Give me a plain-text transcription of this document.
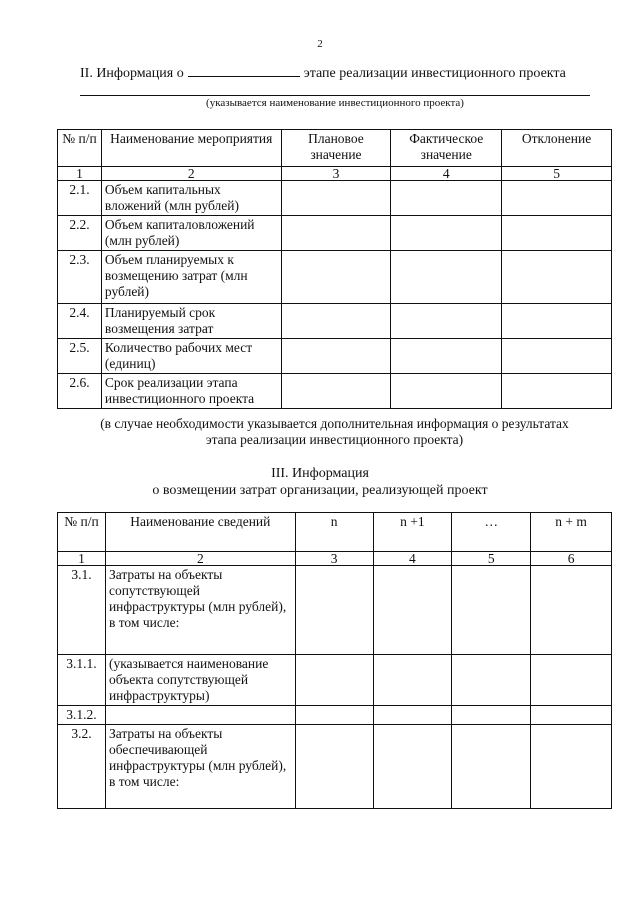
2
II. Информация о	этапе реализации инвестиционного проекта
(указывается наименование инвестиционного проекта)
№ п/п	Наименование мероприятия	Плановое значение	Фактическое значение	Отклонение
1	2	3	4	5
2.1.	Объем капитальных вложений (млн рублей)			
2.2.	Объем капиталовложений (млн рублей)			
2.3.	Объем планируемых к возмещению затрат (млн рублей)			
2.4.	Планируемый срок возмещения затрат			
2.5.	Количество рабочих мест (единиц)			
2.6.	Срок реализации этапа инвестиционного проекта			
(в случае необходимости указывается дополнительная информация о результатах
этапа реализации инвестиционного проекта)
III. Информация
о возмещении затрат организации, реализующей проект
№ п/п	Наименование сведений	n	n +1	…	n + m
1	2	3	4	5	6
3.1.	Затраты на объекты сопутствующей инфраструктуры (млн рублей), в том числе:				
3.1.1.	(указывается наименование объекта сопутствующей инфраструктуры)				
3.1.2.					
3.2.	Затраты на объекты обеспечивающей инфраструктуры (млн рублей), в том числе:				
